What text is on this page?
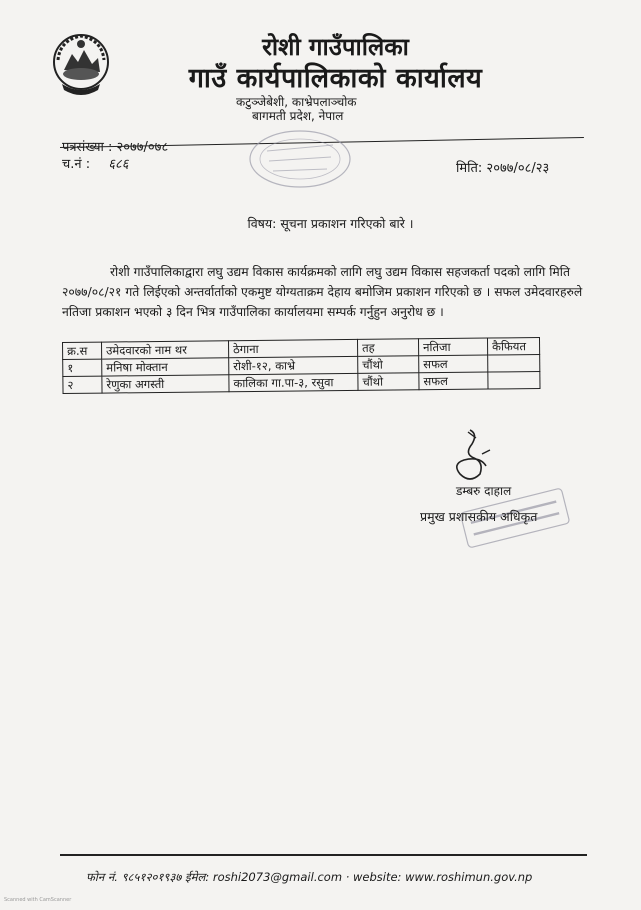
रोशी गाउँपालिका
गाउँ कार्यपालिकाको कार्यालय
कटुञ्जेबेशी, काभ्रेपलाञ्चोक
बागमती प्रदेश, नेपाल
पत्रसंख्या : २०७७/०७८
च.नं : ६८६	मिति: २०७७/०८/२३
विषय: सूचना प्रकाशन गरिएको बारे ।

रोशी गाउँपालिकाद्वारा लघु उद्यम विकास कार्यक्रमको लागि लघु उद्यम विकास सहजकर्ता पदको लागि मिति २०७७/०८/२१ गते लिईएको अन्तर्वार्ताको एकमुष्ट योग्यताक्रम देहाय बमोजिम प्रकाशन गरिएको छ । सफल उमेदवारहरुले नतिजा प्रकाशन भएको ३ दिन भित्र गाउँपालिका कार्यालयमा सम्पर्क गर्नुहुन अनुरोध छ ।

क्र.स	उमेदवारको नाम थर	ठेगाना	तह	नतिजा	कैफियत
१	मनिषा मोक्तान	रोशी-१२, काभ्रे	चौंथो	सफल	
२	रेणुका अगस्ती	कालिका गा.पा-३, रसुवा	चौंथो	सफल	
डम्बरु दाहाल
प्रमुख प्रशासकीय अधिकृत
फोन नं. ९८५१२०१९३७ ईमेल: roshi2073@gmail.com · website: www.roshimun.gov.np
Scanned with CamScanner
